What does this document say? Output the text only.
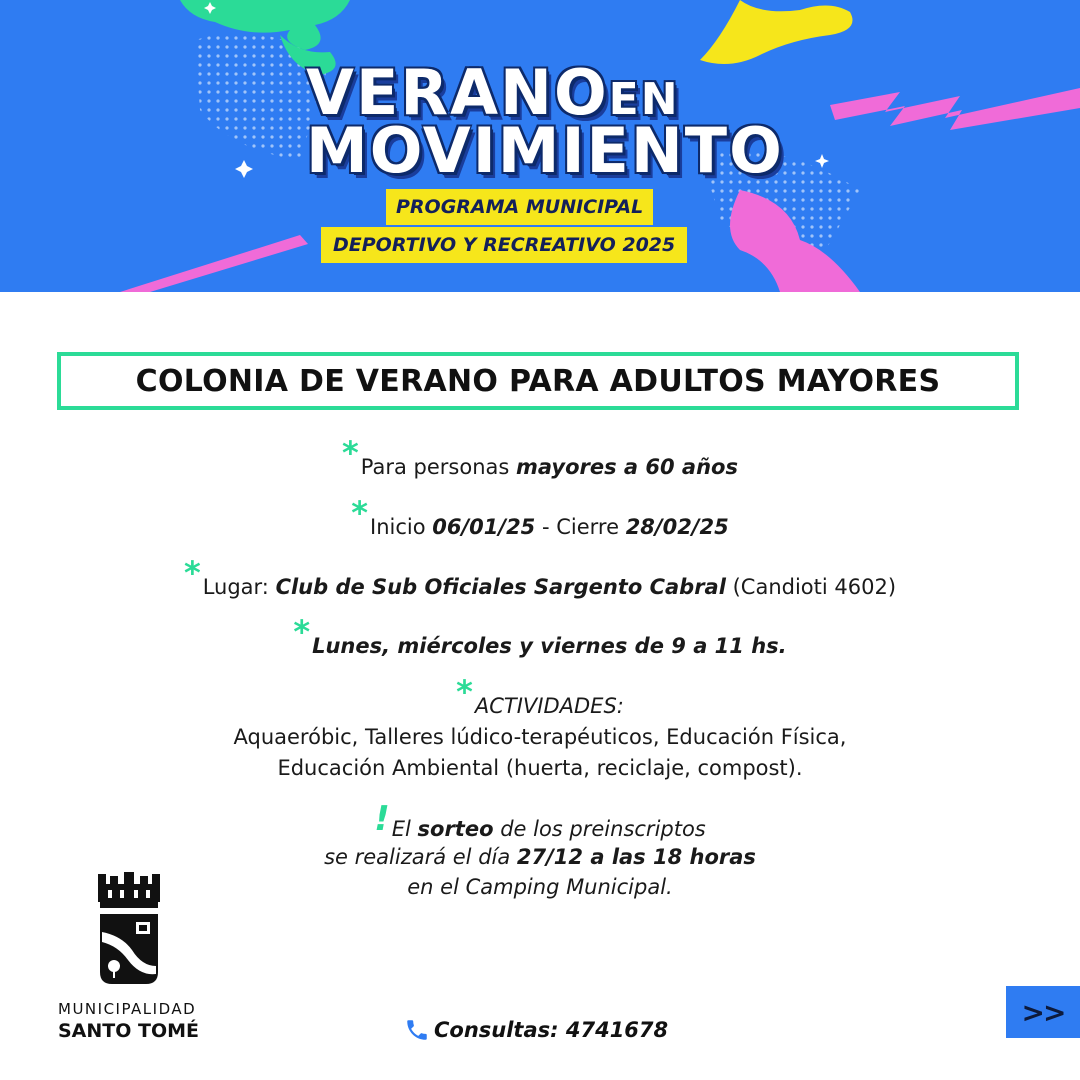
VERANOEN
MOVIMIENTO
PROGRAMA MUNICIPAL
DEPORTIVO Y RECREATIVO 2025
COLONIA DE VERANO PARA ADULTOS MAYORES
*Para personas mayores a 60 años
*Inicio 06/01/25 - Cierre 28/02/25
*Lugar: Club de Sub Oficiales Sargento Cabral (Candioti 4602)
*Lunes, miércoles y viernes de 9 a 11 hs.
*ACTIVIDADES:
Aquaeróbic, Talleres lúdico-terapéuticos, Educación Física,
Educación Ambiental (huerta, reciclaje, compost).
!El sorteo de los preinscriptos
se realizará el día 27/12 a las 18 horas
en el Camping Municipal.
MUNICIPALIDAD
SANTO TOMÉ	Consultas: 4741678
>>
